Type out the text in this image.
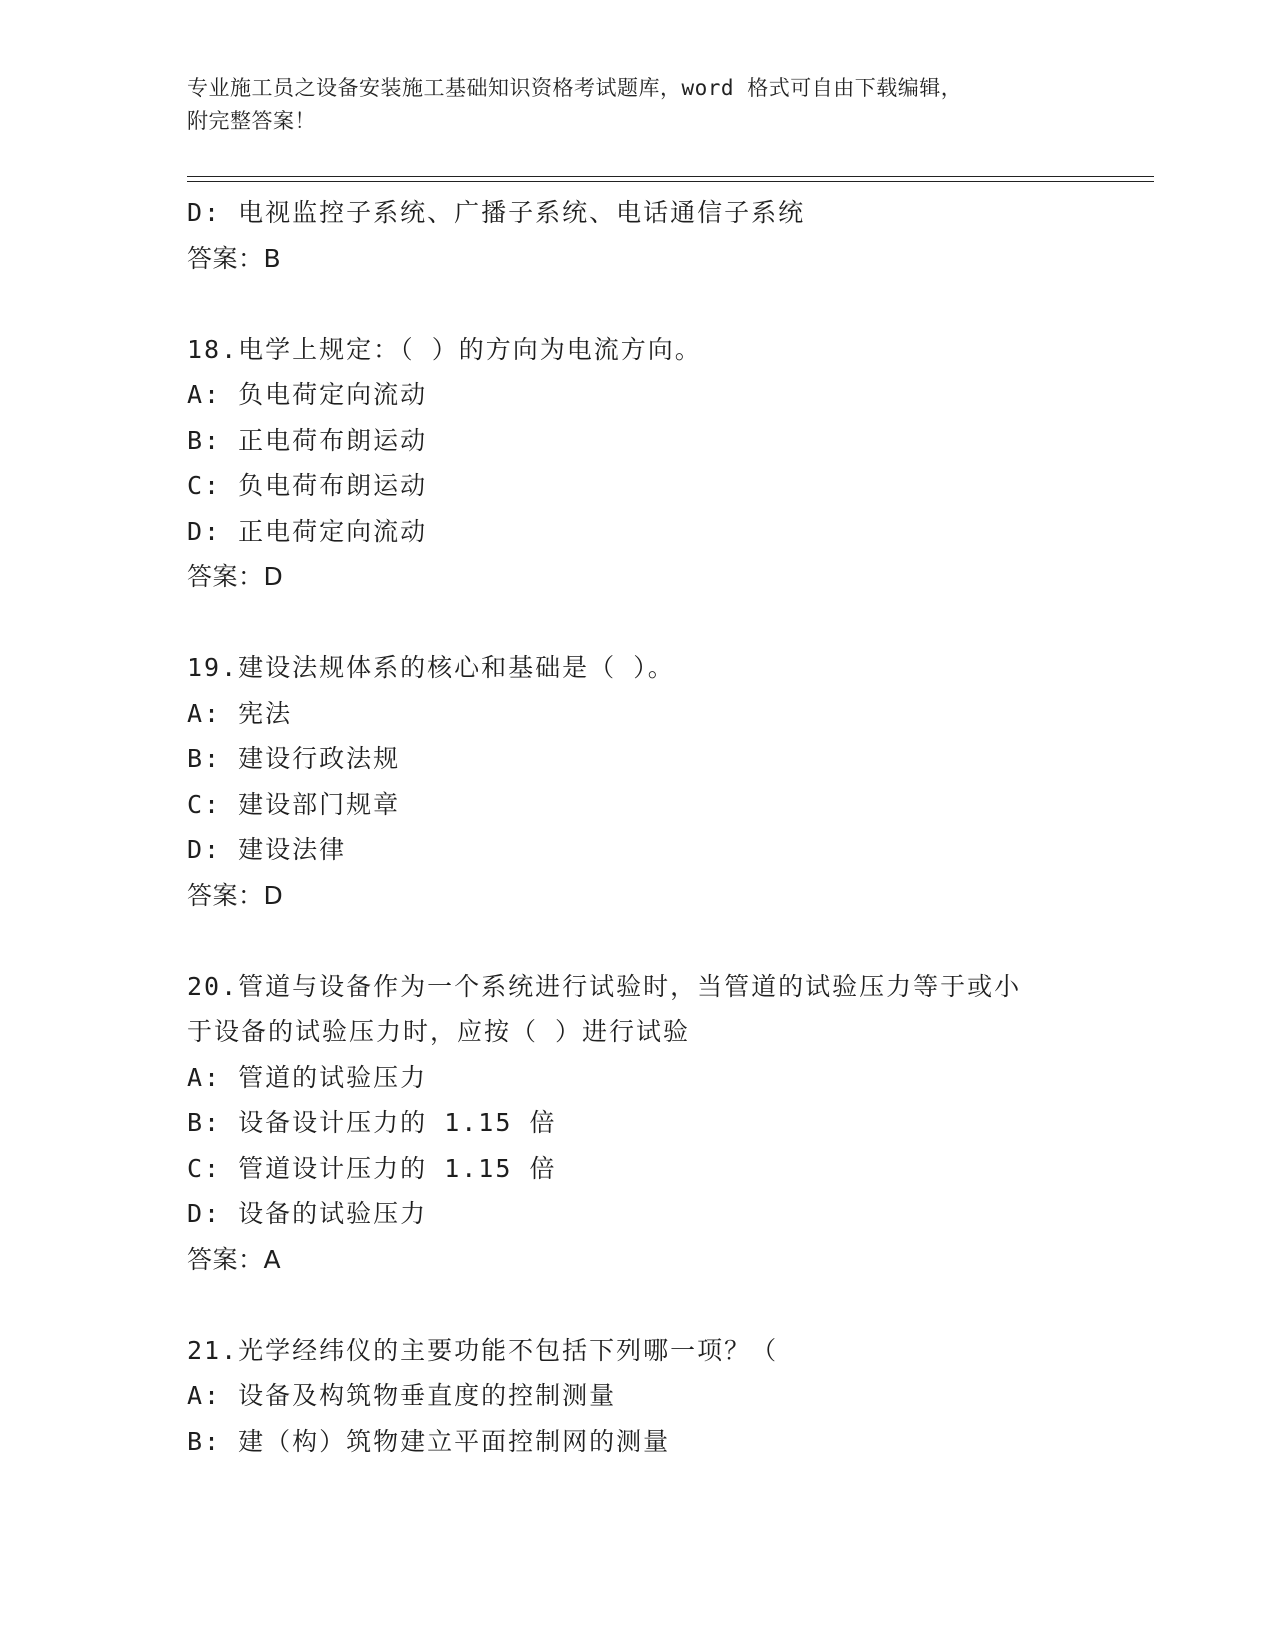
专业施工员之设备安装施工基础知识资格考试题库，word 格式可自由下载编辑，
附完整答案！
D: 电视监控子系统、广播子系统、电话通信子系统
答案：B
18.电学上规定：（ ）的方向为电流方向。
A: 负电荷定向流动
B: 正电荷布朗运动
C: 负电荷布朗运动
D: 正电荷定向流动
答案：D
19.建设法规体系的核心和基础是（ ）。
A: 宪法
B: 建设行政法规
C: 建设部门规章
D: 建设法律
答案：D
20.管道与设备作为一个系统进行试验时，当管道的试验压力等于或小
于设备的试验压力时，应按（ ）进行试验
A: 管道的试验压力
B: 设备设计压力的 1.15 倍
C: 管道设计压力的 1.15 倍
D: 设备的试验压力
答案：A
21.光学经纬仪的主要功能不包括下列哪一项？（
A: 设备及构筑物垂直度的控制测量
B: 建（构）筑物建立平面控制网的测量
